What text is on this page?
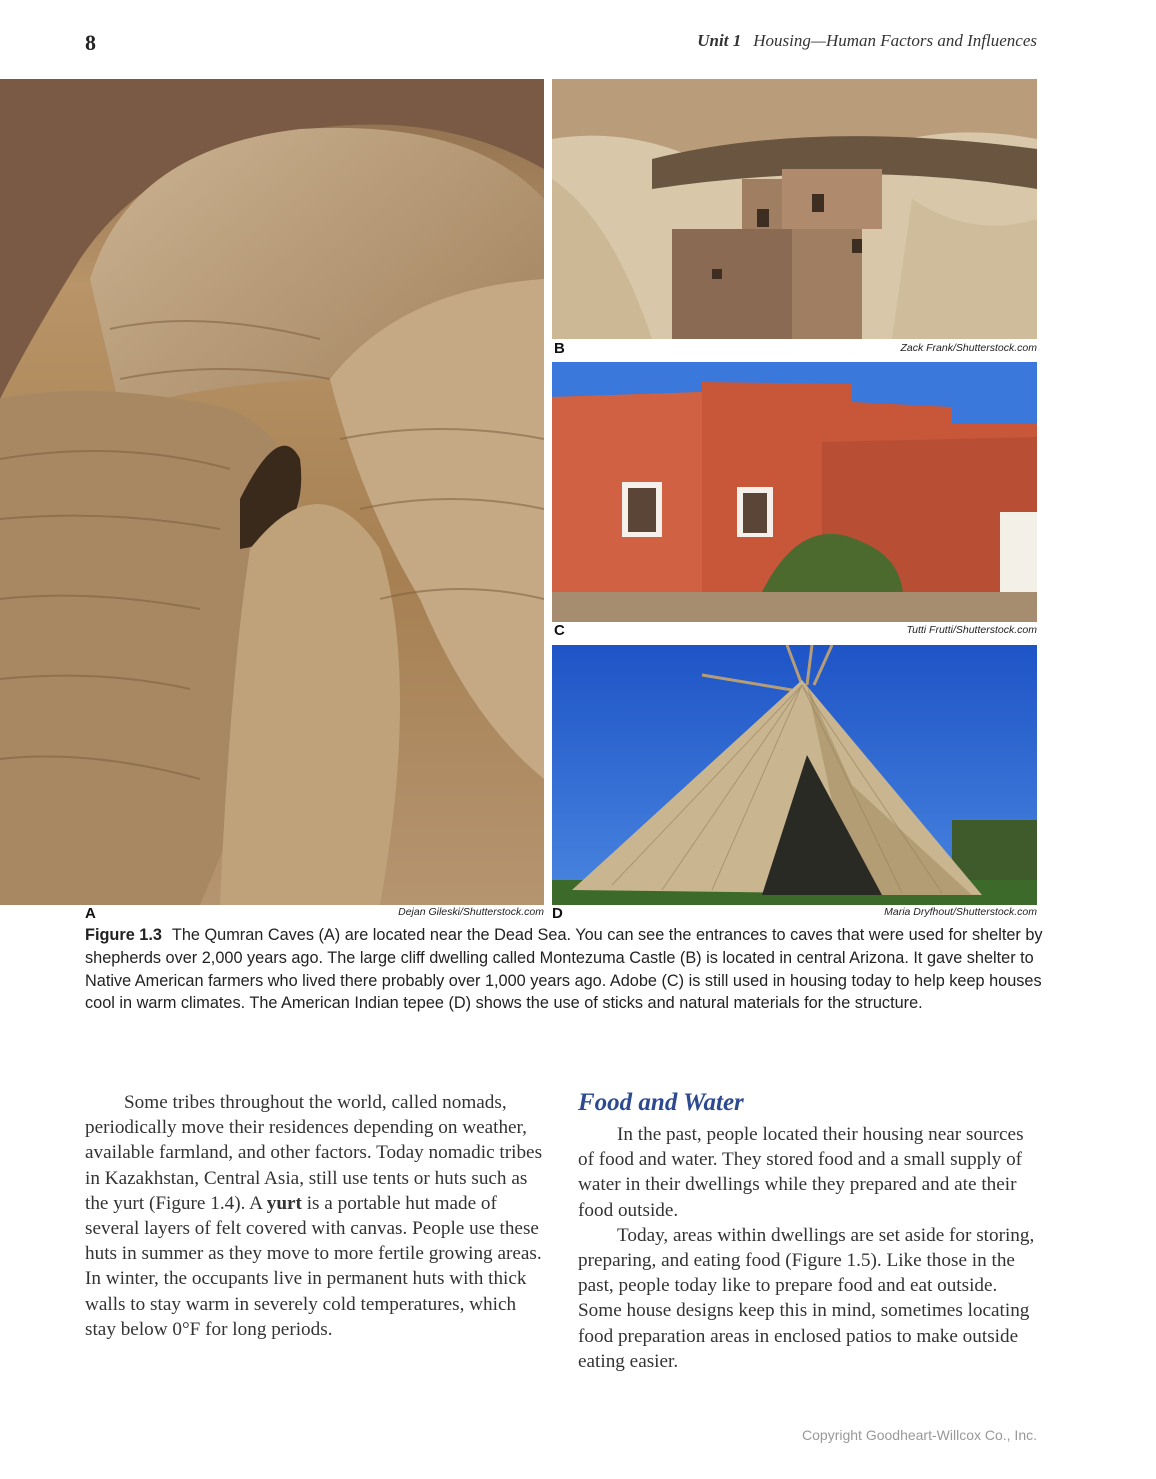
8	Unit 1 Housing—Human Factors and Influences
B	Zack Frank/Shutterstock.com
C	Tutti Frutti/Shutterstock.com
A	Dejan Gileski/Shutterstock.com D	Maria Dryfhout/Shutterstock.com
Figure 1.3 The Qumran Caves (A) are located near the Dead Sea. You can see the entrances to caves that were used for shelter by shepherds over 2,000 years ago. The large cliff dwelling called Montezuma Castle (B) is located in central Arizona. It gave shelter to Native American farmers who lived there probably over 1,000 years ago. Adobe (C) is still used in housing today to help keep houses cool in warm climates. The American Indian tepee (D) shows the use of sticks and natural materials for the structure.

Some tribes throughout the world, called nomads, periodically move their residences depending on weather, available farmland, and other factors. Today nomadic tribes in Kazakhstan, Central Asia, still use tents or huts such as the yurt (Figure 1.4). A yurt is a portable hut made of several layers of felt covered with canvas. People use these huts in summer as they move to more fertile growing areas. In winter, the occupants live in permanent huts with thick walls to stay warm in severely cold temperatures, which stay below 0°F for long periods.

Food and Water

In the past, people located their housing near sources of food and water. They stored food and a small supply of water in their dwellings while they prepared and ate their food outside.

Today, areas within dwellings are set aside for storing, preparing, and eating food (Figure 1.5). Like those in the past, people today like to prepare food and eat outside. Some house designs keep this in mind, sometimes locating food preparation areas in enclosed patios to make outside eating easier.

Copyright Goodheart-Willcox Co., Inc.
